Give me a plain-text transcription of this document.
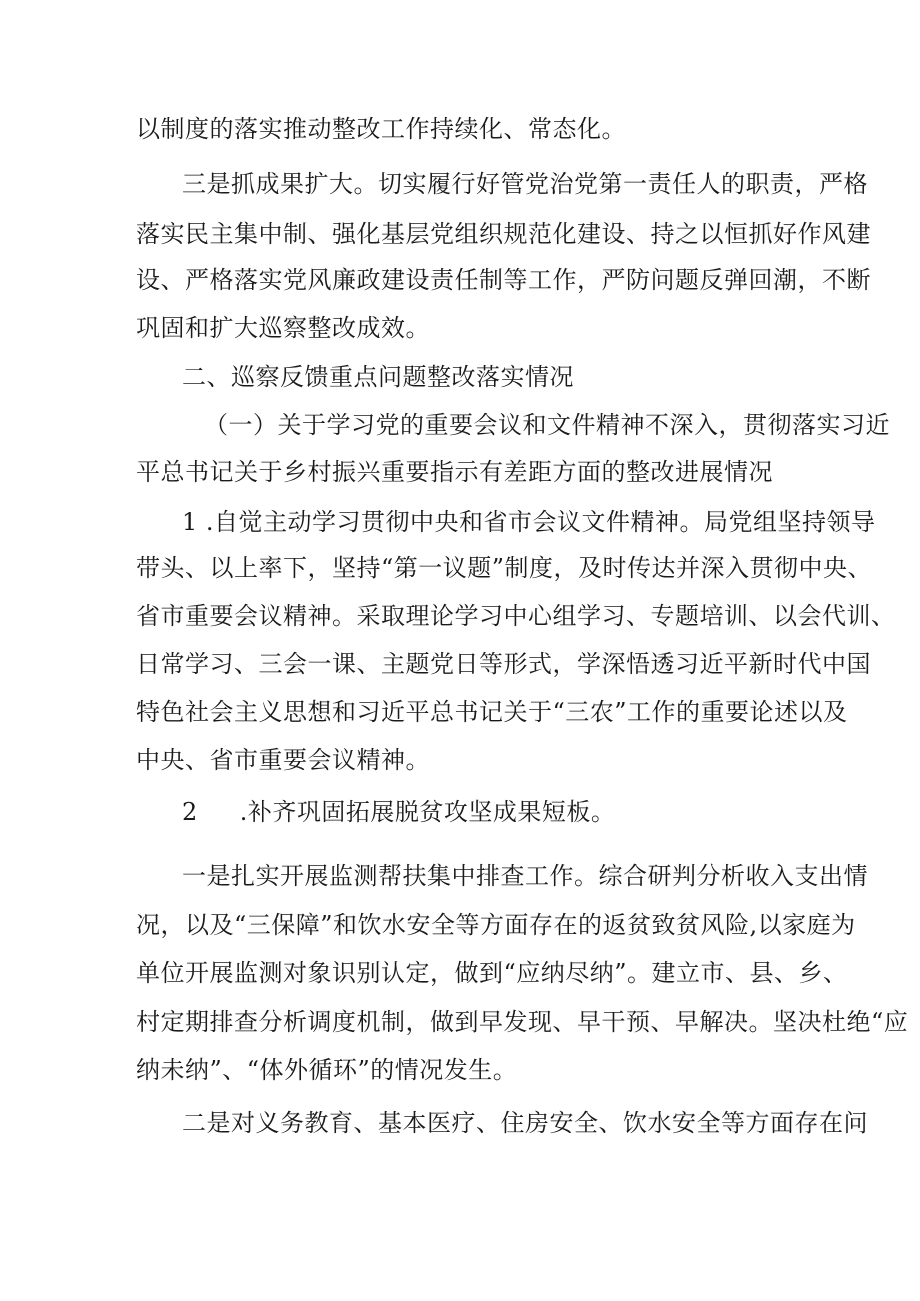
以制度的落实推动整改工作持续化、常态化。
三是抓成果扩大。切实履行好管党治党第一责任人的职责，严格
落实民主集中制、强化基层党组织规范化建设、持之以恒抓好作风建
设、严格落实党风廉政建设责任制等工作，严防问题反弹回潮，不断
巩固和扩大巡察整改成效。
二、巡察反馈重点问题整改落实情况
（一）关于学习党的重要会议和文件精神不深入，贯彻落实习近
平总书记关于乡村振兴重要指示有差距方面的整改进展情况
1 .自觉主动学习贯彻中央和省市会议文件精神。局党组坚持领导
带头、以上率下，坚持“第一议题”制度，及时传达并深入贯彻中央、
省市重要会议精神。采取理论学习中心组学习、专题培训、以会代训、
日常学习、三会一课、主题党日等形式，学深悟透习近平新时代中国
特色社会主义思想和习近平总书记关于“三农”工作的重要论述以及
中央、省市重要会议精神。
2 .补齐巩固拓展脱贫攻坚成果短板。
一是扎实开展监测帮扶集中排查工作。综合研判分析收入支出情
况，以及“三保障”和饮水安全等方面存在的返贫致贫风险,以家庭为
单位开展监测对象识别认定，做到“应纳尽纳”。建立市、县、乡、
村定期排查分析调度机制，做到早发现、早干预、早解决。坚决杜绝“应
纳未纳”、“体外循环”的情况发生。
二是对义务教育、基本医疗、住房安全、饮水安全等方面存在问
